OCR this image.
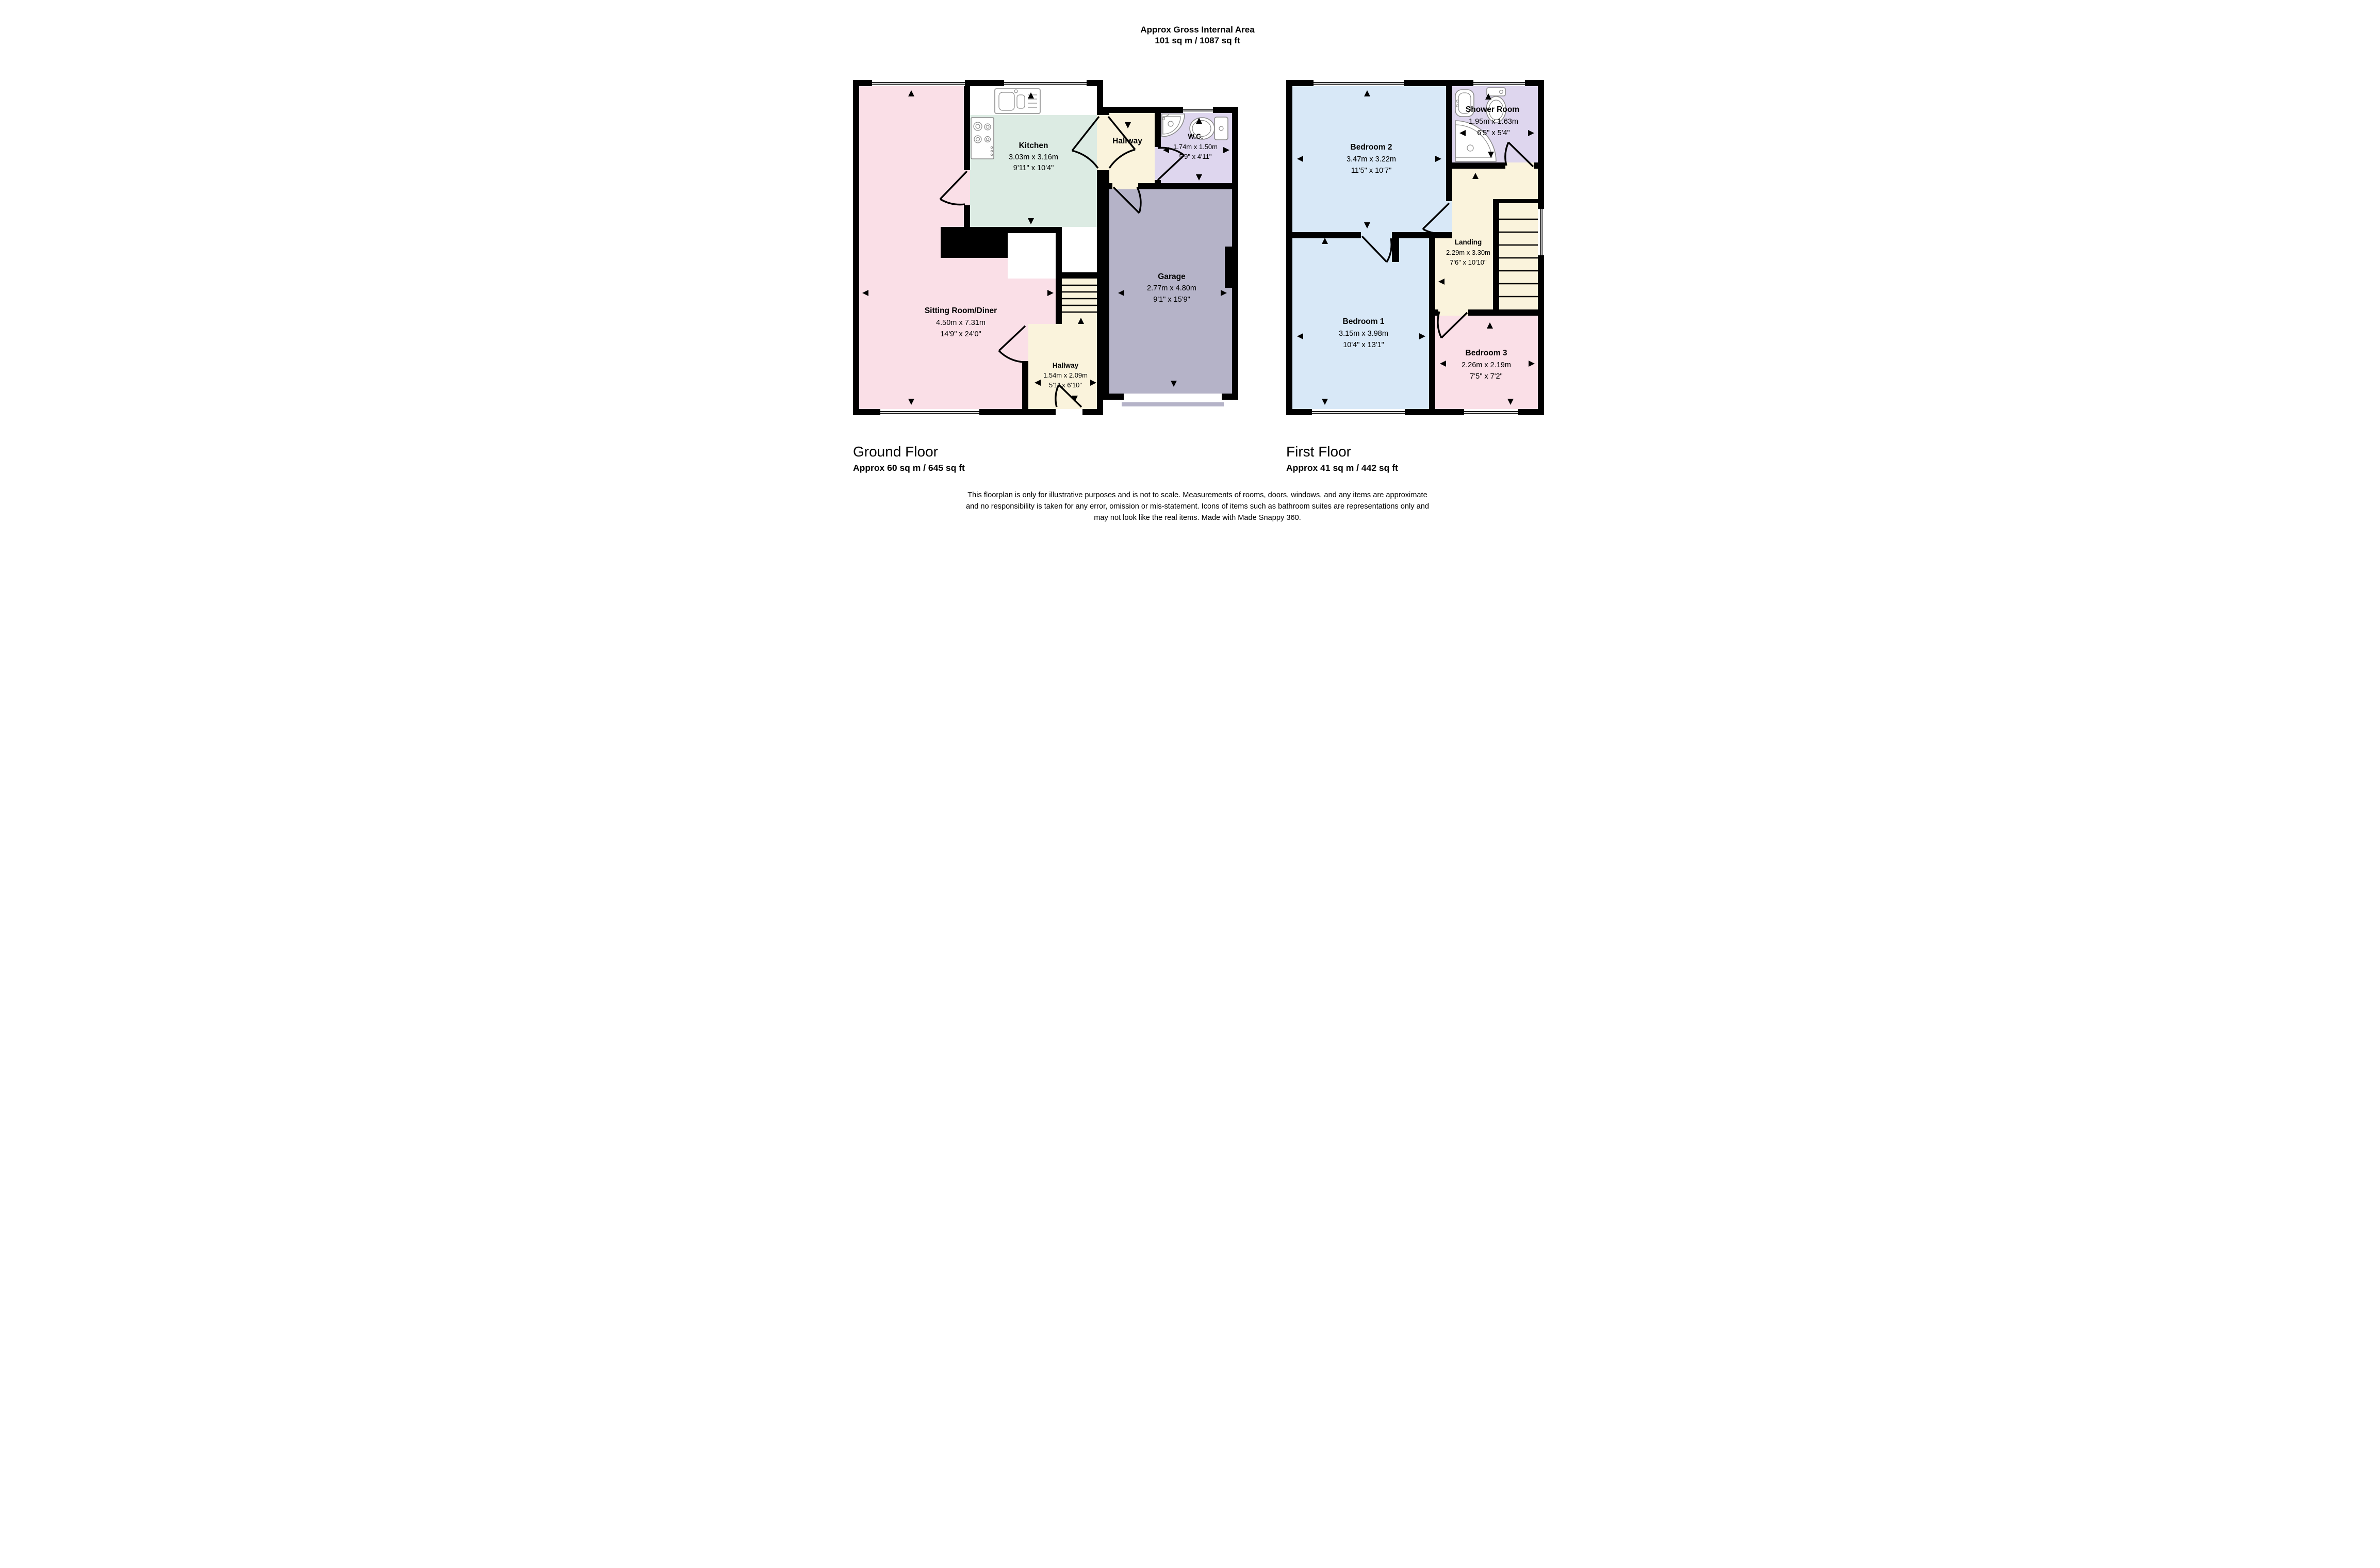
Approx Gross Internal Area
101 sq m / 1087 sq ft
Kitchen
3.03m x 3.16m
9'11" x 10'4"
Hallway
W.C.
1.74m x 1.50m
5'9" x 4'11"
Garage
2.77m x 4.80m
9'1" x 15'9"
Sitting Room/Diner
4.50m x 7.31m
14'9" x 24'0"
Hallway
1.54m x 2.09m
5'1" x 6'10"
Bedroom 2
3.47m x 3.22m
11'5" x 10'7"
Shower Room
1.95m x 1.63m
6'5" x 5'4"
Landing
2.29m x 3.30m
7'6" x 10'10"
Bedroom 1
3.15m x 3.98m
10'4" x 13'1"
Bedroom 3
2.26m x 2.19m
7'5" x 7'2"
Ground Floor
Approx 60 sq m / 645 sq ft
First Floor
Approx 41 sq m / 442 sq ft
This floorplan is only for illustrative purposes and is not to scale. Measurements of rooms, doors, windows, and any items are approximate
and no responsibility is taken for any error, omission or mis-statement. Icons of items such as bathroom suites are representations only and
may not look like the real items. Made with Made Snappy 360.
